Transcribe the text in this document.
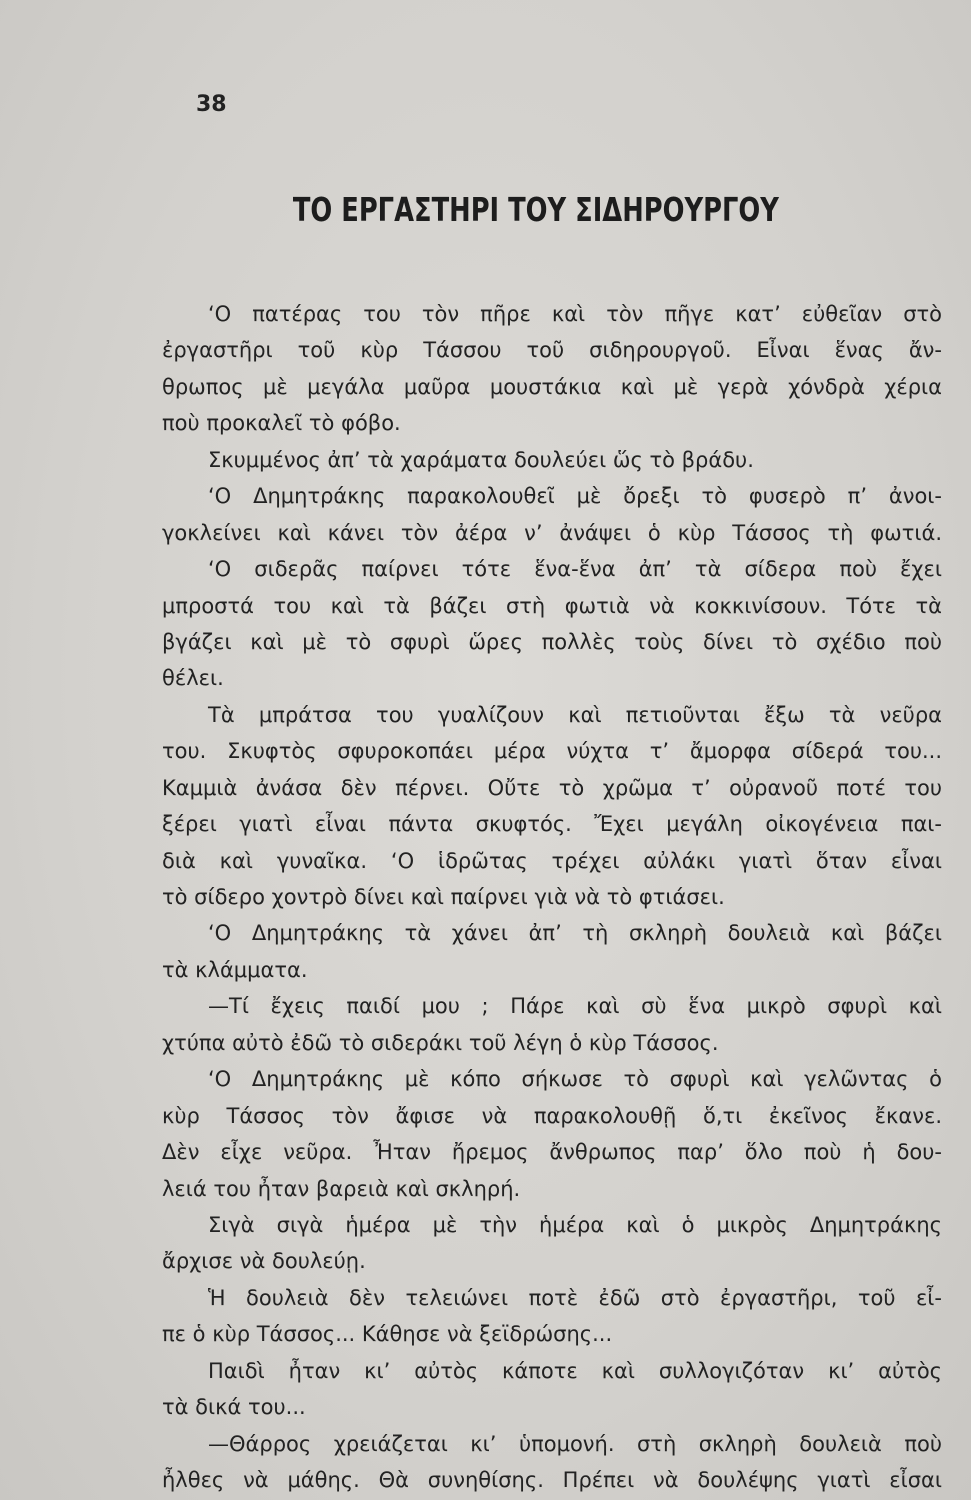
38
ΤΟ ΕΡΓΑΣΤΗΡΙ ΤΟΥ ΣΙΔΗΡΟΥΡΓΟΥ
‘Ο πατέρας του τὸν πῆρε καὶ τὸν πῆγε κατ’ εὐθεῖαν στὸ
ἐργαστῆρι τοῦ κὺρ Τάσσου τοῦ σιδηρουργοῦ. Εἶναι ἕνας ἄν-
θρωπος μὲ μεγάλα μαῦρα μουστάκια καὶ μὲ γερὰ χόνδρὰ χέρια
ποὺ προκαλεῖ τὸ φόβο.
Σκυμμένος ἀπ’ τὰ χαράματα δουλεύει ὥς τὸ βράδυ.
‘Ο Δημητράκης παρακολουθεῖ μὲ ὄρεξι τὸ φυσερὸ π’ ἀνοι-
γοκλείνει καὶ κάνει τὸν ἀέρα ν’ ἀνάψει ὁ κὺρ Τάσσος τὴ φωτιά.
‘Ο σιδερᾶς παίρνει τότε ἕνα-ἕνα ἀπ’ τὰ σίδερα ποὺ ἔχει
μπροστά του καὶ τὰ βάζει στὴ φωτιὰ νὰ κοκκινίσουν. Τότε τὰ
βγάζει καὶ μὲ τὸ σφυρὶ ὥρες πολλὲς τοὺς δίνει τὸ σχέδιο ποὺ
θέλει.
Τὰ μπράτσα του γυαλίζουν καὶ πετιοῦνται ἔξω τὰ νεῦρα
του. Σκυφτὸς σφυροκοπάει μέρα νύχτα τ’ ἄμορφα σίδερά του...
Καμμιὰ ἀνάσα δὲν πέρνει. Οὔτε τὸ χρῶμα τ’ οὐρανοῦ ποτέ του
ξέρει γιατὶ εἶναι πάντα σκυφτός. Ἔχει μεγάλη οἰκογένεια παι-
διὰ καὶ γυναῖκα. ‘Ο ἱδρῶτας τρέχει αὐλάκι γιατὶ ὅταν εἶναι
τὸ σίδερο χοντρὸ δίνει καὶ παίρνει γιὰ νὰ τὸ φτιάσει.
‘Ο Δημητράκης τὰ χάνει ἀπ’ τὴ σκληρὴ δουλειὰ καὶ βάζει
τὰ κλάμματα.
—Τί ἔχεις παιδί μου ; Πάρε καὶ σὺ ἕνα μικρὸ σφυρὶ καὶ
χτύπα αὐτὸ ἐδῶ τὸ σιδεράκι τοῦ λέγη ὁ κὺρ Τάσσος.
‘Ο Δημητράκης μὲ κόπο σήκωσε τὸ σφυρὶ καὶ γελῶντας ὁ
κὺρ Τάσσος τὸν ἄφισε νὰ παρακολουθῇ ὅ,τι ἐκεῖνος ἔκανε.
Δὲν εἶχε νεῦρα. Ἦταν ἤρεμος ἄνθρωπος παρ’ ὅλο ποὺ ἡ δου-
λειά του ἦταν βαρειὰ καὶ σκληρή.
Σιγὰ σιγὰ ἡμέρα μὲ τὴν ἡμέρα καὶ ὁ μικρὸς Δημητράκης
ἄρχισε νὰ δουλεύῃ.
Ἡ δουλειὰ δὲν τελειώνει ποτὲ ἐδῶ στὸ ἐργαστῆρι, τοῦ εἶ-
πε ὁ κὺρ Τάσσος... Κάθησε νὰ ξεϊδρώσης...
Παιδὶ ἦταν κι’ αὐτὸς κάποτε καὶ συλλογιζόταν κι’ αὐτὸς
τὰ δικά του...
—Θάρρος χρειάζεται κι’ ὑπομονή. στὴ σκληρὴ δουλειὰ ποὺ
ἦλθες νὰ μάθης. Θὰ συνηθίσης. Πρέπει νὰ δουλέψης γιατὶ εἶσαι
